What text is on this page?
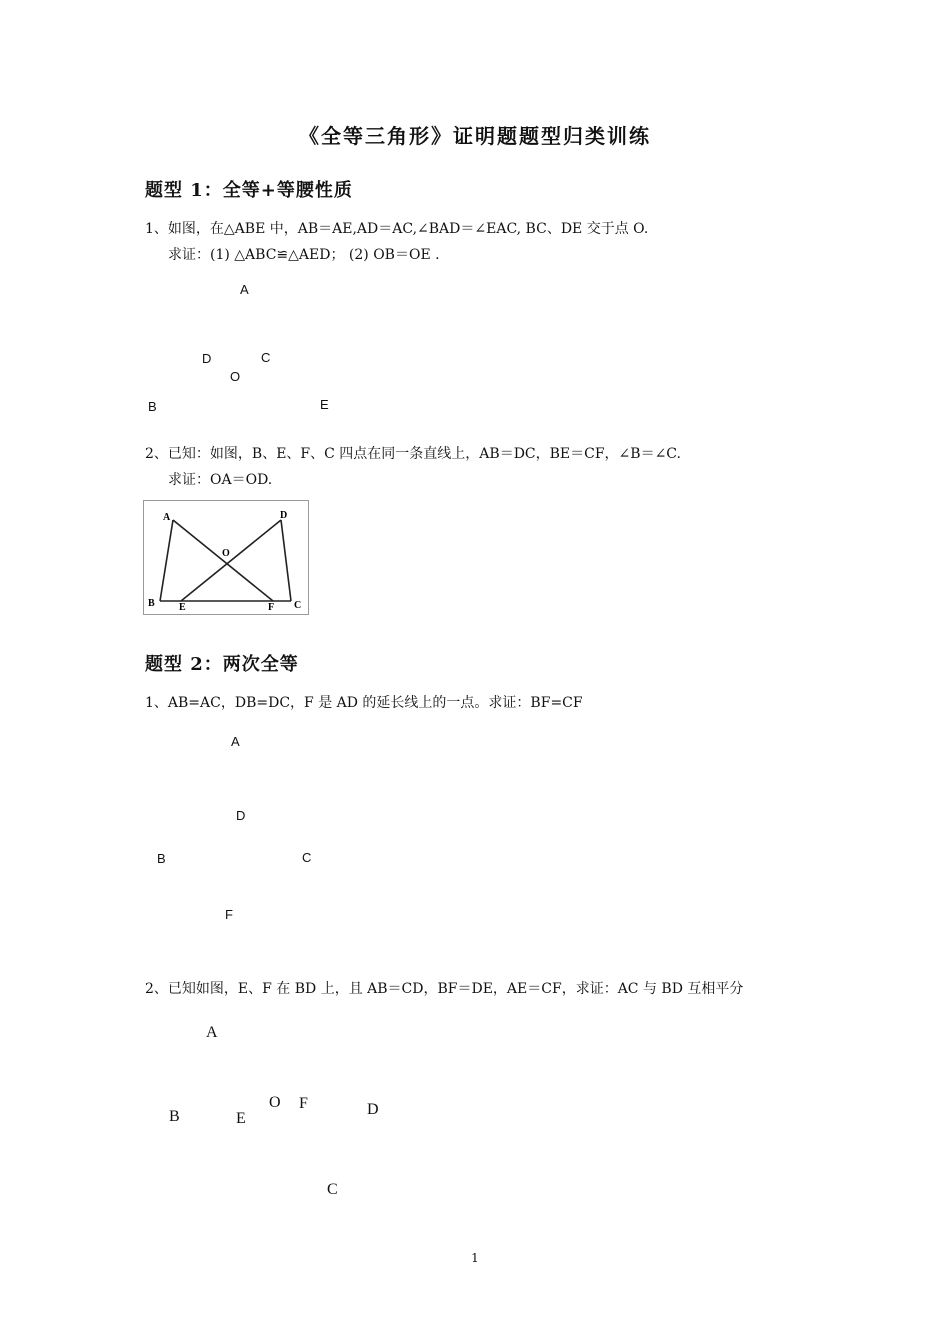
《全等三角形》证明题题型归类训练
题型 1：全等+等腰性质
1、如图，在△ABE 中，AB＝AE,AD＝AC,∠BAD＝∠EAC, BC、DE 交于点 O.
求证：(1) △ABC≌△AED； (2) OB＝OE .
A
D	C
O
B	E
2、已知：如图，B、E、F、C 四点在同一条直线上，AB＝DC，BE＝CF，∠B＝∠C.
求证：OA＝OD.
A	D
O
B E	F C
题型 2：两次全等
1、AB=AC，DB=DC，F 是 AD 的延长线上的一点。求证：BF=CF
A
D
B	C
F
2、已知如图，E、F 在 BD 上，且 AB＝CD，BF＝DE，AE＝CF，求证：AC 与 BD 互相平分
A
O F
B	E
D
C
1
